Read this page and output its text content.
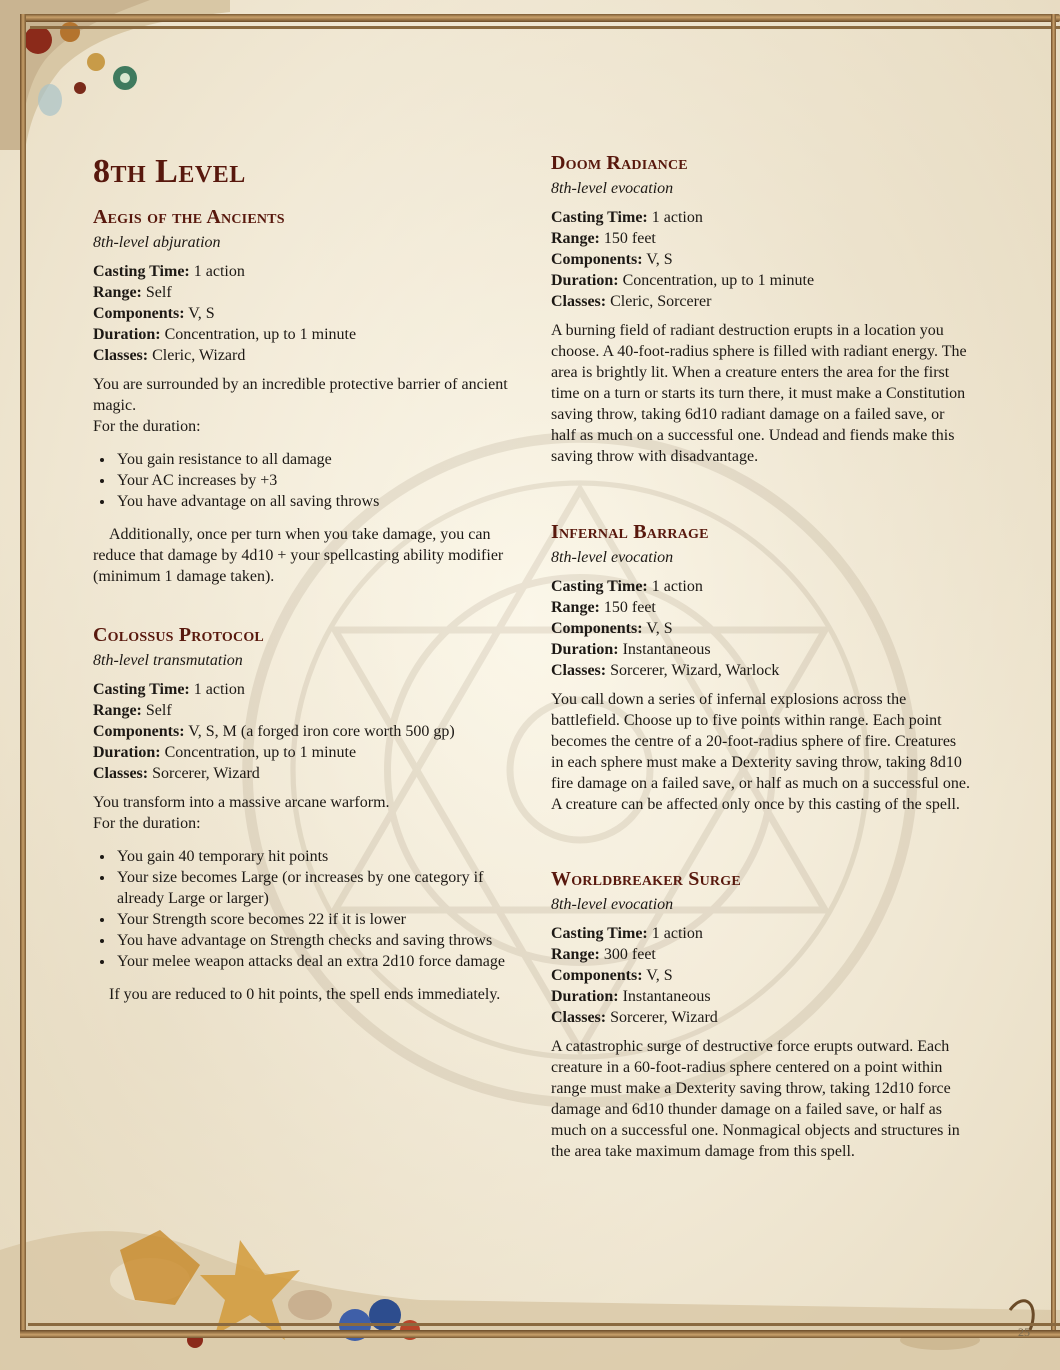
8th Level
Aegis of the Ancients
8th-level abjuration
Casting Time: 1 action
Range: Self
Components: V, S
Duration: Concentration, up to 1 minute
Classes: Cleric, Wizard

You are surrounded by an incredible protective barrier of ancient magic.

For the duration:

• You gain resistance to all damage
• Your AC increases by +3
• You have advantage on all saving throws

Additionally, once per turn when you take damage, you can reduce that damage by 4d10 + your spellcasting ability modifier (minimum 1 damage taken).

Colossus Protocol
8th-level transmutation
Casting Time: 1 action
Range: Self
Components: V, S, M (a forged iron core worth 500 gp)
Duration: Concentration, up to 1 minute
Classes: Sorcerer, Wizard

You transform into a massive arcane warform.

For the duration:

• You gain 40 temporary hit points
• Your size becomes Large (or increases by one category if already Large or larger)
• Your Strength score becomes 22 if it is lower
• You have advantage on Strength checks and saving throws
• Your melee weapon attacks deal an extra 2d10 force damage

If you are reduced to 0 hit points, the spell ends immediately.

Doom Radiance
8th-level evocation
Casting Time: 1 action
Range: 150 feet
Components: V, S
Duration: Concentration, up to 1 minute
Classes: Cleric, Sorcerer
A burning field of radiant destruction erupts in a location you choose. A 40-foot-radius sphere is filled with radiant energy. The area is brightly lit. When a creature enters the area for the first time on a turn or starts its turn there, it must make a Constitution saving throw, taking 6d10 radiant damage on a failed save, or half as much on a successful one. Undead and fiends make this saving throw with disadvantage.
Infernal Barrage
8th-level evocation
Casting Time: 1 action
Range: 150 feet
Components: V, S
Duration: Instantaneous
Classes: Sorcerer, Wizard, Warlock
You call down a series of infernal explosions across the battlefield. Choose up to five points within range. Each point becomes the centre of a 20-foot-radius sphere of fire. Creatures in each sphere must make a Dexterity saving throw, taking 8d10 fire damage on a failed save, or half as much on a successful one. A creature can be affected only once by this casting of the spell.
Worldbreaker Surge
8th-level evocation
Casting Time: 1 action
Range: 300 feet
Components: V, S
Duration: Instantaneous
Classes: Sorcerer, Wizard
A catastrophic surge of destructive force erupts outward. Each creature in a 60-foot-radius sphere centered on a point within range must make a Dexterity saving throw, taking 12d10 force damage and 6d10 thunder damage on a failed save, or half as much on a successful one. Nonmagical objects and structures in the area take maximum damage from this spell.
25
